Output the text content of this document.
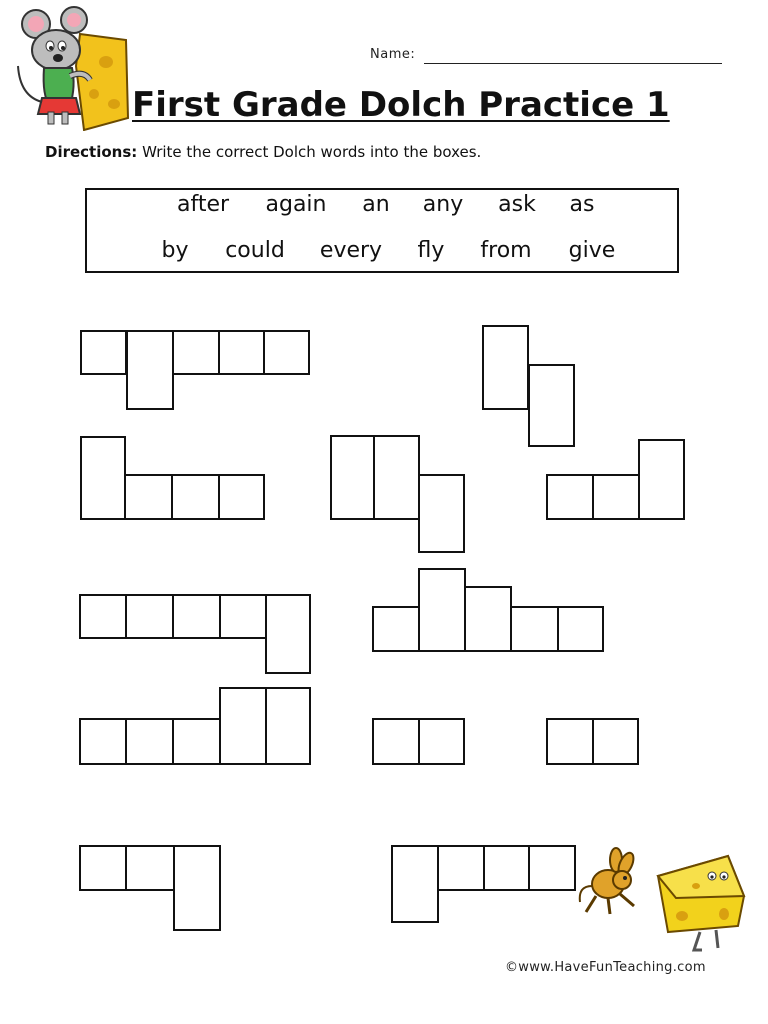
Name:
First Grade Dolch Practice 1
Directions: Write the correct Dolch words into the boxes.
after again an any ask as
by could every fly from give
©www.HaveFunTeaching.com
